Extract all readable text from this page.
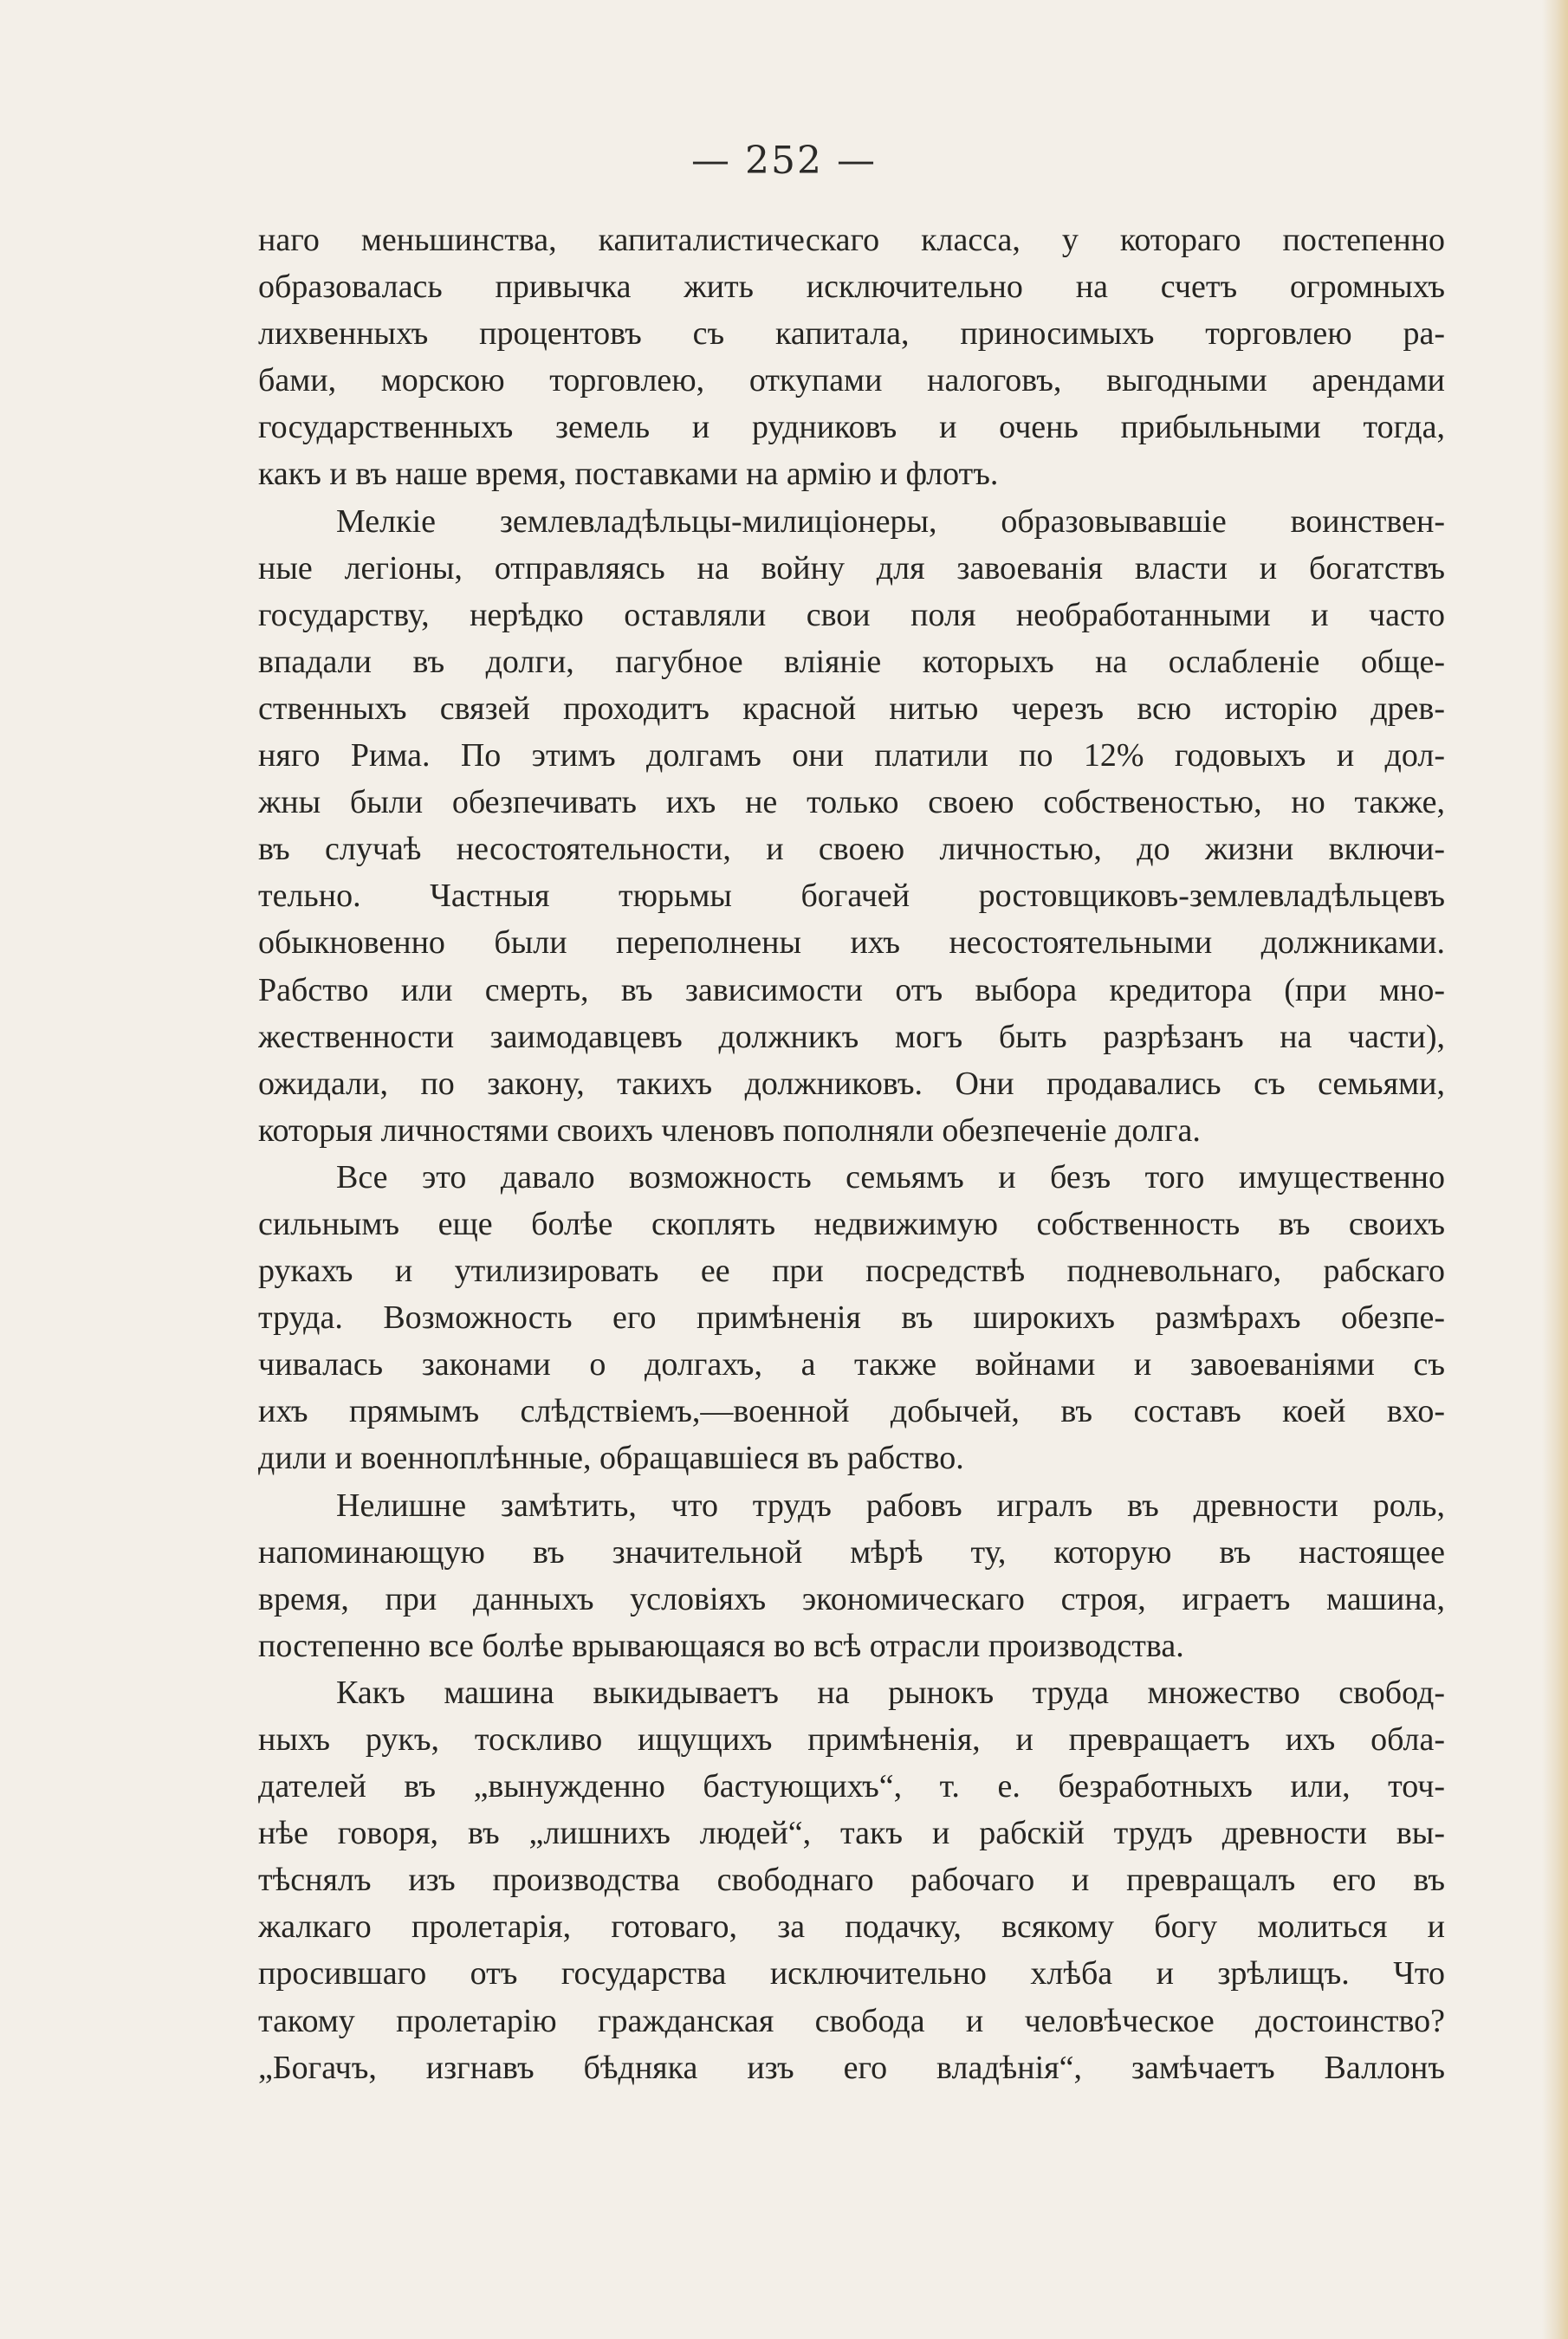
— 252 —
наго меньшинства, капиталистическаго класса, у котораго постепенно
образовалась привычка жить исключительно на счетъ огромныхъ
лихвенныхъ процентовъ съ капитала, приносимыхъ торговлею ра-
бами, морскою торговлею, откупами налоговъ, выгодными арендами
государственныхъ земель и рудниковъ и очень прибыльными тогда,
какъ и въ наше время, поставками на армію и флотъ.
Мелкіе землевладѣльцы-милиціонеры, образовывавшіе воинствен-
ные легіоны, отправляясь на войну для завоеванія власти и богатствъ
государству, нерѣдко оставляли свои поля необработанными и часто
впадали въ долги, пагубное вліяніе которыхъ на ослабленіе обще-
ственныхъ связей проходитъ красной нитью черезъ всю исторію древ-
няго Рима. По этимъ долгамъ они платили по 12% годовыхъ и дол-
жны были обезпечивать ихъ не только своею собственостью, но также,
въ случаѣ несостоятельности, и своею личностью, до жизни включи-
тельно. Частныя тюрьмы богачей ростовщиковъ-землевладѣльцевъ
обыкновенно были переполнены ихъ несостоятельными должниками.
Рабство или смерть, въ зависимости отъ выбора кредитора (при мно-
жественности заимодавцевъ должникъ могъ быть разрѣзанъ на части),
ожидали, по закону, такихъ должниковъ. Они продавались съ семьями,
которыя личностями своихъ членовъ пополняли обезпеченіе долга.
Все это давало возможность семьямъ и безъ того имущественно
сильнымъ еще болѣе скоплять недвижимую собственность въ своихъ
рукахъ и утилизировать ее при посредствѣ подневольнаго, рабскаго
труда. Возможность его примѣненія въ широкихъ размѣрахъ обезпе-
чивалась законами о долгахъ, а также войнами и завоеваніями съ
ихъ прямымъ слѣдствіемъ,—военной добычей, въ составъ коей вхо-
дили и военноплѣнные, обращавшіеся въ рабство.
Нелишне замѣтить, что трудъ рабовъ игралъ въ древности роль,
напоминающую въ значительной мѣрѣ ту, которую въ настоящее
время, при данныхъ условіяхъ экономическаго строя, играетъ машина,
постепенно все болѣе врывающаяся во всѣ отрасли производства.
Какъ машина выкидываетъ на рынокъ труда множество свобод-
ныхъ рукъ, тоскливо ищущихъ примѣненія, и превращаетъ ихъ обла-
дателей въ „вынужденно бастующихъ“, т. е. безработныхъ или, точ-
нѣе говоря, въ „лишнихъ людей“, такъ и рабскій трудъ древности вы-
тѣснялъ изъ производства свободнаго рабочаго и превращалъ его въ
жалкаго пролетарія, готоваго, за подачку, всякому богу молиться и
просившаго отъ государства исключительно хлѣба и зрѣлищъ. Что
такому пролетарію гражданская свобода и человѣческое достоинство?
„Богачъ, изгнавъ бѣдняка изъ его владѣнія“, замѣчаетъ Валлонъ
